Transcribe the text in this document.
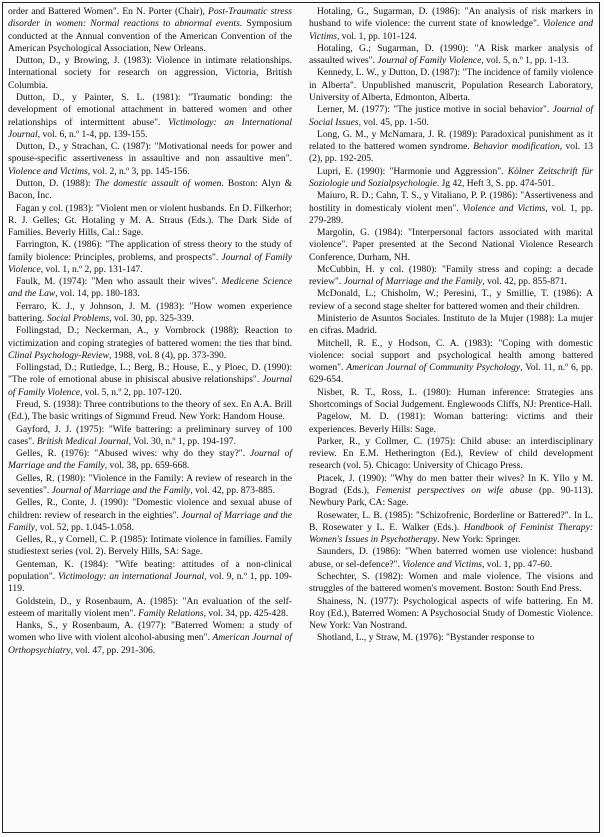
order and Battered Women". En N. Porter (Chair), Post-Traumatic stress disorder in women: Normal reactions to abnormal events. Symposium conducted at the Annual convention of the American Convention of the American Psychological Association, New Orleans.

Dutton, D., y Browing, J. (1983): Violence in intimate relationships. International society for research on aggression, Victoria, British Columbia.

Dutton, D., y Painter, S. L. (1981): "Traumatic bonding: the development of emotional attachment in battered women and other relationships of intermittent abuse". Victimology: an International Journal, vol. 6, n.º 1-4, pp. 139-155.

Dutton, D., y Strachan, C. (1987): "Motivational needs for power and spouse-specific assertiveness in assaultive and non assaultive men". Violence and Victims, vol. 2, n.º 3, pp. 145-156.

Dutton, D. (1988): The domestic assault of women. Boston: Alyn & Bacon, Inc.

Fagan y col. (1983): "Violent men or violent husbands. En D. Filkerhor; R. J. Gelles; Gt. Hotaling y M. A. Straus (Eds.). The Dark Side of Families. Beverly Hills, Cal.: Sage.

Farrington, K. (1986): "The application of stress theory to the study of family biolence: Principles, problems, and prospects". Journal of Family Violence, vol. 1, n.º 2, pp. 131-147.

Faulk, M. (1974): "Men who assault their wives". Medicene Science and the Law, vol. 14, pp. 180-183.

Ferraro, K. J., y Johnson, J. M. (1983): "How women experience battering. Social Problems, vol. 30, pp. 325-339.

Follingstad, D.; Neckerman, A., y Vornbrock (1988): Reaction to victimization and coping strategies of battered women: the ties that bind. Clinal Psychology-Review, 1988, vol. 8 (4), pp. 373-390.

Follingstad, D.; Rutledge, L.; Berg, B.; House, E., y Ploec, D. (1990): "The role of emotional abuse in phisiscal abusive relationships". Journal of Family Violence, vol. 5, n.º 2, pp. 107-120.

Freud, S. (1938): Three contributions to the theory of sex. En A.A. Brill (Ed.), The basic writings of Sigmund Freud. New York: Handom House.

Gayford, J. J. (1975): "Wife battering: a preliminary survey of 100 cases". British Medical Journal, Vol. 30, n.º 1, pp. 194-197.

Gelles, R. (1976): "Abused wives: why do they stay?". Journal of Marriage and the Family, vol. 38, pp. 659-668.

Gelles, R. (1980): "Violence in the Family: A review of research in the seventies". Journal of Marriage and the Family, vol. 42, pp. 873-885.

Gelles, R., Conte, J. (1990): "Domestic violence and sexual abuse of children: review of research in the eighties". Journal of Marriage and the Family, vol. 52, pp. 1.045-1.058.

Gelles, R., y Cornell, C. P. (1985): Intimate violence in families. Family studiestext series (vol. 2). Bervely Hills, SA: Sage.

Genteman, K. (1984): "Wife beating: attitudes of a non-clinical population". Victimology: an international Journal, vol. 9, n.º 1, pp. 109-119.

Goldstein, D., y Rosenbaum, A. (1985): "An evaluation of the self-esteem of maritally violent men". Family Relations, vol. 34, pp. 425-428.

Hanks, S., y Rosenbaum, A. (1977): "Baterred Women: a study of women who live with violent alcohol-abusing men". American Journal of Orthopsychiatry, vol. 47, pp. 291-306.

Hotaling, G., Sugarman, D. (1986): "An analysis of risk markers in husband to wife violence: the current state of knowledge". Violence and Victims, vol. 1, pp. 101-124.

Hotaling, G.; Sugarman, D. (1990): "A Risk marker analysis of assaulted wives". Journal of Family Violence, vol. 5, n.º 1, pp. 1-13.

Kennedy, L. W., y Dutton, D. (1987): "The incidence of family violence in Alberta". Unpublished manuscrit, Population Research Laboratory, University of Alberta, Edmonton, Alberta.

Lerner, M. (1977): "The justice motive in social behavior". Journal of Social Issues, vol. 45, pp. 1-50.

Long, G. M., y McNamara, J. R. (1989): Paradoxical punishment as it related to the battered women syndrome. Behavior modification, vol. 13 (2), pp. 192-205.

Lupri, E. (1990): "Harmonie und Aggression". Kölner Zeitschrift für Soziologie und Sozialpsychologie. Jg 42, Heft 3, S. pp. 474-501.

Maiuro, R. D.; Cahn, T. S., y Vitaliano, P. P. (1986): "Assertiveness and hostility in domesticaly violent men". Violence and Victims, vol. 1, pp. 279-289.

Margolin, G. (1984): "Interpersonal factors associated with marital violence". Paper presented at the Second National Violence Research Conference, Durham, NH.

McCubbin, H. y col. (1980): "Family stress and coping: a decade review". Journal of Marriage and the Family, vol. 42, pp. 855-871.

McDonald, L.; Chisholm, W.; Peresini, T., y Smillie, T. (1986): A review of a second stage shelter for battered women and their children.

Ministerio de Asuntos Sociales. Instituto de la Mujer (1988): La mujer en cifras. Madrid.

Mitchell, R. E., y Hodson, C. A. (1983): "Coping with domestic violence: social support and psychological health among battered women". American Journal of Community Psychology, Vol. 11, n.º 6, pp. 629-654.

Nisbet, R. T., Ross, L. (1980): Human inference: Strategies ans Shortcomings of Social Judgement. Englewoods Cliffs, NJ: Prentice-Hall.

Pagelow, M. D. (1981): Woman battering: victims and their experiences. Beverly Hills: Sage.

Parker, R., y Collmer, C. (1975): Child abuse: an interdisciplinary review. En E.M. Hetherington (Ed.), Review of child development research (vol. 5). Chicago: University of Chicago Press.

Ptacek, J. (1990): "Why do men batter their wives? In K. Yllo y M. Bograd (Eds.), Femenist perspectives on wife abuse (pp. 90-113). Newbury Park, CA: Sage.

Rosewater, L. B. (1985): "Schizofrenic, Borderline or Battered?". In L. B. Rosewater y L. E. Walker (Eds.). Handbook of Feminist Therapy: Women's Issues in Psychotherapy. New York: Springer.

Saunders, D. (1986): "When baterred women use violence: husband abuse, or sel-defence?". Violence and Victims, vol. 1, pp. 47-60.

Schechter, S. (1982): Women and male violence. The visions and struggles of the battered women's movement. Boston: South End Press.

Shainess, N. (1977): Psychological aspects of wife battering. En M. Roy (Ed.), Baterred Women: A Psychosocial Study of Domestic Violence. New York: Van Nostrand.

Shotland, L., y Straw, M. (1976): "Bystander response to
